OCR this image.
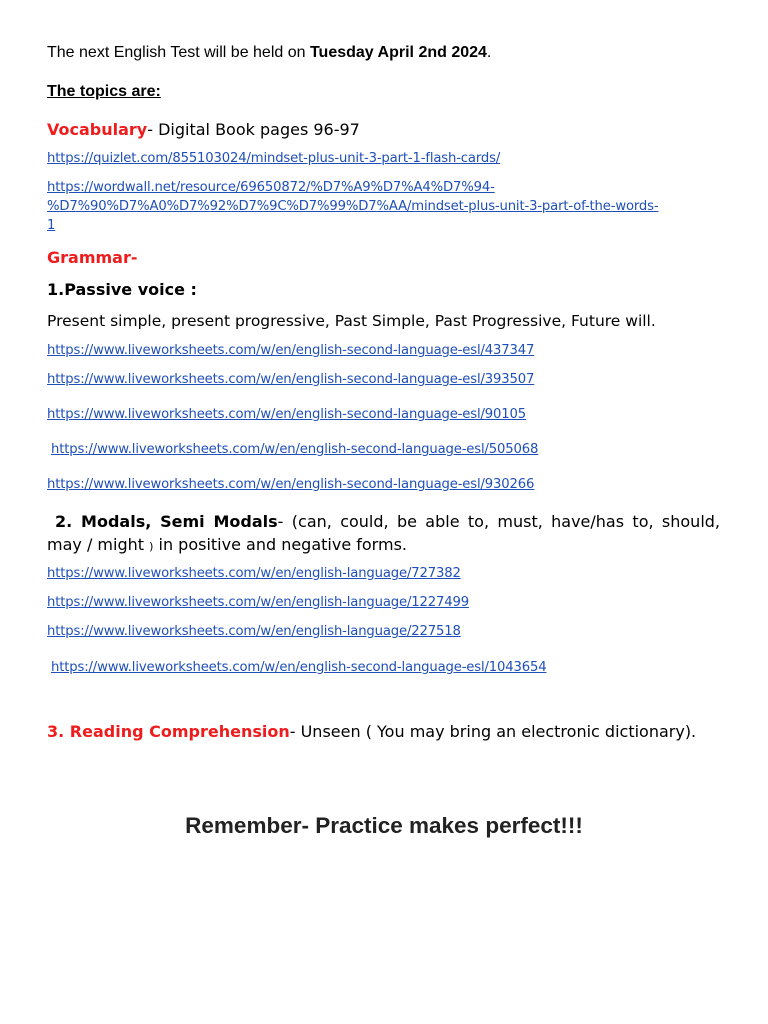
The next English Test will be held on Tuesday April 2nd 2024.
The topics are:
Vocabulary- Digital Book pages 96-97
https://quizlet.com/855103024/mindset-plus-unit-3-part-1-flash-cards/
https://wordwall.net/resource/69650872/%D7%A9%D7%A4%D7%94-
%D7%90%D7%A0%D7%92%D7%9C%D7%99%D7%AA/mindset-plus-unit-3-part-of-the-words-
1
Grammar-
1.Passive voice :
Present simple, present progressive, Past Simple, Past Progressive, Future will.
https://www.liveworksheets.com/w/en/english-second-language-esl/437347
https://www.liveworksheets.com/w/en/english-second-language-esl/393507
https://www.liveworksheets.com/w/en/english-second-language-esl/90105
https://www.liveworksheets.com/w/en/english-second-language-esl/505068
https://www.liveworksheets.com/w/en/english-second-language-esl/930266
2. Modals, Semi Modals- (can, could, be able to, must, have/has to, should,
may / might ) in positive and negative forms.
https://www.liveworksheets.com/w/en/english-language/727382
https://www.liveworksheets.com/w/en/english-language/1227499
https://www.liveworksheets.com/w/en/english-language/227518
https://www.liveworksheets.com/w/en/english-second-language-esl/1043654
3. Reading Comprehension- Unseen ( You may bring an electronic dictionary).
Remember- Practice makes perfect!!!
